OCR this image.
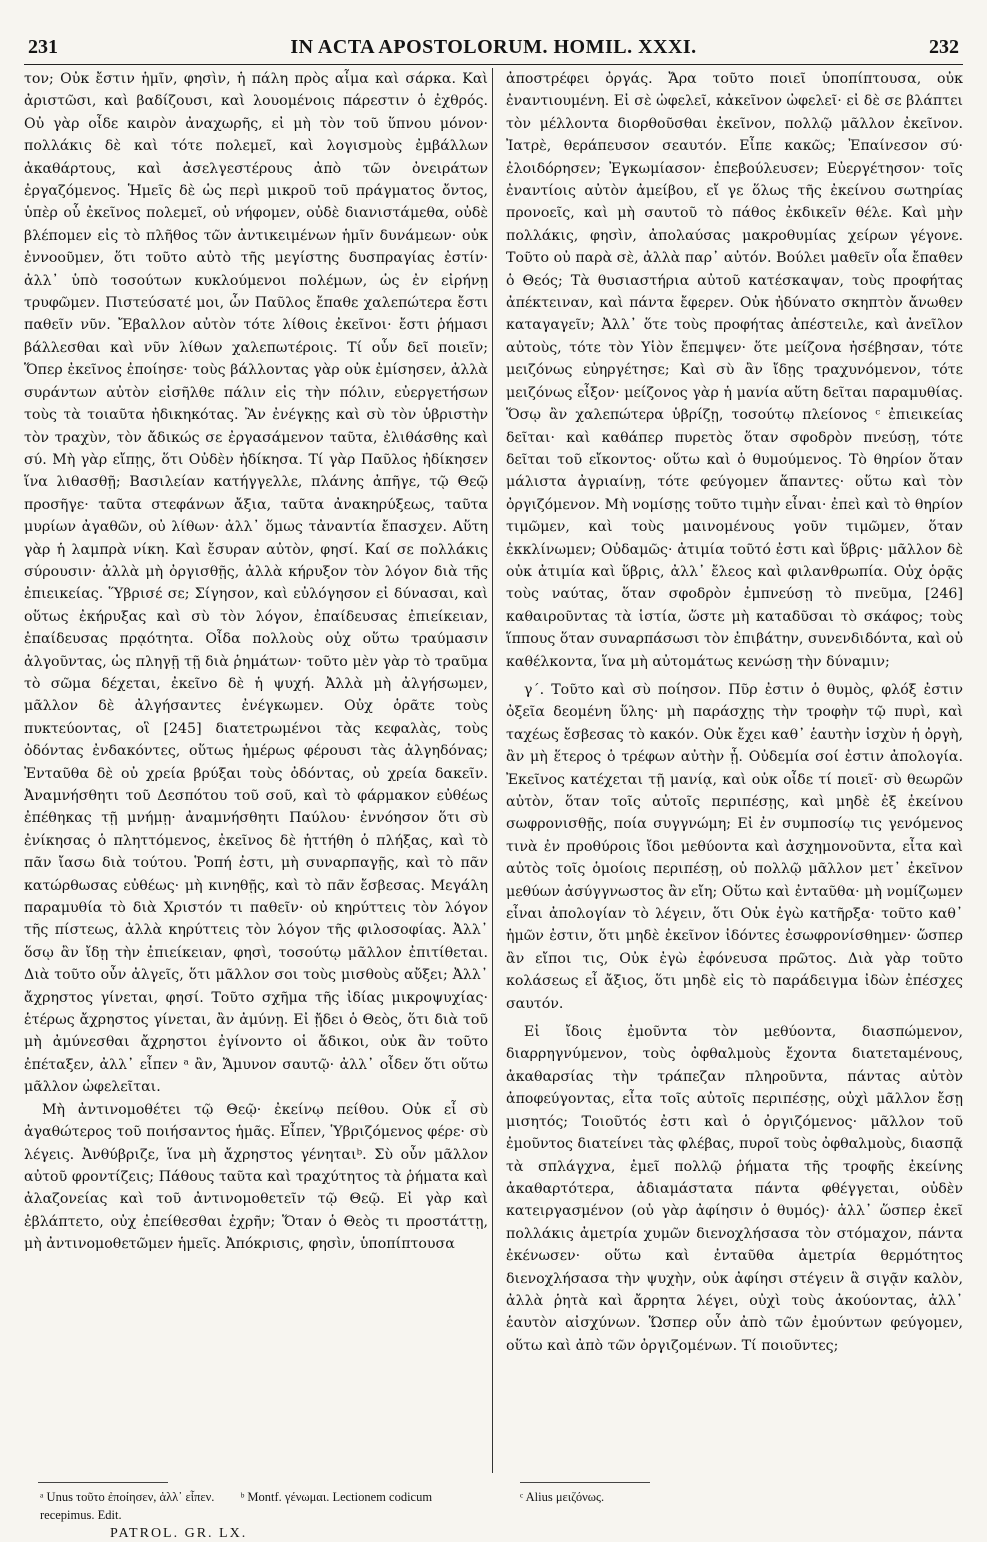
231	IN ACTA APOSTOLORUM. HOMIL. XXXI.	232

τον; Οὐκ ἔστιν ἡμῖν, φησὶν, ἡ πάλη πρὸς αἷμα καὶ σάρκα. Καὶ ἀριστῶσι, καὶ βαδίζουσι, καὶ λουομένοις πάρεστιν ὁ ἐχθρός. Οὐ γὰρ οἶδε καιρὸν ἀναχωρῆς, εἰ μὴ τὸν τοῦ ὕπνου μόνον· πολλάκις δὲ καὶ τότε πολεμεῖ, καὶ λογισμοὺς ἐμβάλλων ἀκαθάρτους, καὶ ἀσελγεστέρους ἀπὸ τῶν ὀνειράτων ἐργαζόμενος. Ἡμεῖς δὲ ὡς περὶ μικροῦ τοῦ πράγματος ὄντος, ὑπὲρ οὗ ἐκεῖνος πολεμεῖ, οὐ νήφομεν, οὐδὲ διανιστάμεθα, οὐδὲ βλέπομεν εἰς τὸ πλῆθος τῶν ἀντικειμένων ἡμῖν δυνάμεων· οὐκ ἐννοοῦμεν, ὅτι τοῦτο αὐτὸ τῆς μεγίστης δυσπραγίας ἐστίν· ἀλλ᾽ ὑπὸ τοσούτων κυκλούμενοι πολέμων, ὡς ἐν εἰρήνῃ τρυφῶμεν. Πιστεύσατέ μοι, ὧν Παῦλος ἔπαθε χαλεπώτερα ἔστι παθεῖν νῦν. Ἔβαλλον αὐτὸν τότε λίθοις ἐκεῖνοι· ἔστι ῥήμασι βάλλεσθαι καὶ νῦν λίθων χαλεπωτέροις. Τί οὖν δεῖ ποιεῖν; Ὅπερ ἐκεῖνος ἐποίησε· τοὺς βάλλοντας γὰρ οὐκ ἐμίσησεν, ἀλλὰ συράντων αὐτὸν εἰσῆλθε πάλιν εἰς τὴν πόλιν, εὐεργετήσων τοὺς τὰ τοιαῦτα ἠδικηκότας. Ἂν ἐνέγκῃς καὶ σὺ τὸν ὑβριστὴν τὸν τραχὺν, τὸν ἄδικώς σε ἐργασάμενον ταῦτα, ἐλιθάσθης καὶ σύ. Μὴ γὰρ εἴπῃς, ὅτι Οὐδὲν ἠδίκησα. Τί γὰρ Παῦλος ἠδίκησεν ἵνα λιθασθῇ; Βασιλείαν κατήγγελλε, πλάνης ἀπῆγε, τῷ Θεῷ προσῆγε· ταῦτα στεφάνων ἄξια, ταῦτα ἀνακηρύξεως, ταῦτα μυρίων ἀγαθῶν, οὐ λίθων· ἀλλ᾽ ὅμως τἀναντία ἔπασχεν. Αὕτη γὰρ ἡ λαμπρὰ νίκη. Καὶ ἔσυραν αὐτὸν, φησί. Καί σε πολλάκις σύρουσιν· ἀλλὰ μὴ ὀργισθῇς, ἀλλὰ κήρυξον τὸν λόγον διὰ τῆς ἐπιεικείας. Ὕβρισέ σε; Σίγησον, καὶ εὐλόγησον εἰ δύνασαι, καὶ οὕτως ἐκήρυξας καὶ σὺ τὸν λόγον, ἐπαίδευσας ἐπιείκειαν, ἐπαίδευσας πρᾳότητα. Οἶδα πολλοὺς οὐχ οὕτω τραύμασιν ἀλγοῦντας, ὡς πληγῇ τῇ διὰ ῥημάτων· τοῦτο μὲν γὰρ τὸ τραῦμα τὸ σῶμα δέχεται, ἐκεῖνο δὲ ἡ ψυχή. Ἀλλὰ μὴ ἀλγήσωμεν, μᾶλλον δὲ ἀλγήσαντες ἐνέγκωμεν. Οὐχ ὁρᾶτε τοὺς πυκτεύοντας, οἳ [245] διατετρωμένοι τὰς κεφαλὰς, τοὺς ὀδόντας ἐνδακόντες, οὕτως ἡμέρως φέρουσι τὰς ἀλγηδόνας; Ἐνταῦθα δὲ οὐ χρεία βρύξαι τοὺς ὀδόντας, οὐ χρεία δακεῖν. Ἀναμνήσθητι τοῦ Δεσπότου τοῦ σοῦ, καὶ τὸ φάρμακον εὐθέως ἐπέθηκας τῇ μνήμῃ· ἀναμνήσθητι Παύλου· ἐννόησον ὅτι σὺ ἐνίκησας ὁ πληττόμενος, ἐκεῖνος δὲ ἡττήθη ὁ πλήξας, καὶ τὸ πᾶν ἴασω διὰ τούτου. Ῥοπή ἐστι, μὴ συναρπαγῇς, καὶ τὸ πᾶν κατώρθωσας εὐθέως· μὴ κινηθῇς, καὶ τὸ πᾶν ἔσβεσας. Μεγάλη παραμυθία τὸ διὰ Χριστόν τι παθεῖν· οὐ κηρύττεις τὸν λόγον τῆς πίστεως, ἀλλὰ κηρύττεις τὸν λόγον τῆς φιλοσοφίας. Ἀλλ᾽ ὅσῳ ἂν ἴδῃ τὴν ἐπιείκειαν, φησὶ, τοσούτῳ μᾶλλον ἐπιτίθεται. Διὰ τοῦτο οὖν ἀλγεῖς, ὅτι μᾶλλον σοι τοὺς μισθοὺς αὔξει; Ἀλλ᾽ ἄχρηστος γίνεται, φησί. Τοῦτο σχῆμα τῆς ἰδίας μικροψυχίας· ἑτέρως ἄχρηστος γίνεται, ἂν ἀμύνῃ. Εἰ ᾔδει ὁ Θεὸς, ὅτι διὰ τοῦ μὴ ἀμύνεσθαι ἄχρηστοι ἐγίνοντο οἱ ἄδικοι, οὐκ ἂν τοῦτο ἐπέταξεν, ἀλλ᾽ εἶπεν ᵃ ἂν, Ἄμυνον σαυτῷ· ἀλλ᾽ οἶδεν ὅτι οὕτω μᾶλλον ὠφελεῖται.

Μὴ ἀντινομοθέτει τῷ Θεῷ· ἐκείνῳ πείθου. Οὐκ εἶ σὺ ἀγαθώτερος τοῦ ποιήσαντος ἡμᾶς. Εἶπεν, Ὑβριζόμενος φέρε· σὺ λέγεις. Ἀνθύβριζε, ἵνα μὴ ἄχρηστος γένηταιᵇ. Σὺ οὖν μᾶλλον αὐτοῦ φροντίζεις; Πάθους ταῦτα καὶ τραχύτητος τὰ ῥήματα καὶ ἀλαζονείας καὶ τοῦ ἀντινομοθετεῖν τῷ Θεῷ. Εἰ γὰρ καὶ ἐβλάπτετο, οὐχ ἐπείθεσθαι ἐχρῆν; Ὅταν ὁ Θεὸς τι προστάττῃ, μὴ ἀντινομοθετῶμεν ἡμεῖς. Ἀπόκρισις, φησὶν, ὑποπίπτουσα

ἀποστρέφει ὀργάς. Ἄρα τοῦτο ποιεῖ ὑποπίπτουσα, οὐκ ἐναντιουμένη. Εἰ σὲ ὠφελεῖ, κἀκεῖνον ὠφελεῖ· εἰ δὲ σε βλάπτει τὸν μέλλοντα διορθοῦσθαι ἐκεῖνον, πολλῷ μᾶλλον ἐκεῖνον. Ἰατρὲ, θεράπευσον σεαυτόν. Εἶπε κακῶς; Ἐπαίνεσον σύ· ἐλοιδόρησεν; Ἐγκωμίασον· ἐπεβούλευσεν; Εὐεργέτησον· τοῖς ἐναντίοις αὐτὸν ἀμείβου, εἴ γε ὅλως τῆς ἐκείνου σωτηρίας προνοεῖς, καὶ μὴ σαυτοῦ τὸ πάθος ἐκδικεῖν θέλε. Καὶ μὴν πολλάκις, φησὶν, ἀπολαύσας μακροθυμίας χείρων γέγονε. Τοῦτο οὐ παρὰ σὲ, ἀλλὰ παρ᾽ αὐτόν. Βούλει μαθεῖν οἷα ἔπαθεν ὁ Θεός; Τὰ θυσιαστήρια αὐτοῦ κατέσκαψαν, τοὺς προφήτας ἀπέκτειναν, καὶ πάντα ἔφερεν. Οὐκ ἠδύνατο σκηπτὸν ἄνωθεν καταγαγεῖν; Ἀλλ᾽ ὅτε τοὺς προφήτας ἀπέστειλε, καὶ ἀνεῖλον αὐτοὺς, τότε τὸν Υἱὸν ἔπεμψεν· ὅτε μείζονα ἠσέβησαν, τότε μειζόνως εὐηργέτησε; Καὶ σὺ ἂν ἴδῃς τραχυνόμενον, τότε μειζόνως εἶξον· μείζονος γὰρ ἡ μανία αὕτη δεῖται παραμυθίας. Ὅσῳ ἂν χαλεπώτερα ὑβρίζῃ, τοσούτῳ πλείονος ᶜ ἐπιεικείας δεῖται· καὶ καθάπερ πυρετὸς ὅταν σφοδρὸν πνεύσῃ, τότε δεῖται τοῦ εἴκοντος· οὕτω καὶ ὁ θυμούμενος. Τὸ θηρίον ὅταν μάλιστα ἀγριαίνῃ, τότε φεύγομεν ἅπαντες· οὕτω καὶ τὸν ὀργιζόμενον. Μὴ νομίσῃς τοῦτο τιμὴν εἶναι· ἐπεὶ καὶ τὸ θηρίον τιμῶμεν, καὶ τοὺς μαινομένους γοῦν τιμῶμεν, ὅταν ἐκκλίνωμεν; Οὐδαμῶς· ἀτιμία τοῦτό ἐστι καὶ ὕβρις· μᾶλλον δὲ οὐκ ἀτιμία καὶ ὕβρις, ἀλλ᾽ ἔλεος καὶ φιλανθρωπία. Οὐχ ὁρᾷς τοὺς ναύτας, ὅταν σφοδρὸν ἐμπνεύσῃ τὸ πνεῦμα, [246] καθαιροῦντας τὰ ἱστία, ὥστε μὴ καταδῦσαι τὸ σκάφος; τοὺς ἵππους ὅταν συναρπάσωσι τὸν ἐπιβάτην, συνενδιδόντα, καὶ οὐ καθέλκοντα, ἵνα μὴ αὐτομάτως κενώσῃ τὴν δύναμιν;

γ΄. Τοῦτο καὶ σὺ ποίησον. Πῦρ ἐστιν ὁ θυμὸς, φλόξ ἐστιν ὀξεῖα δεομένη ὕλης· μὴ παράσχῃς τὴν τροφὴν τῷ πυρὶ, καὶ ταχέως ἔσβεσας τὸ κακόν. Οὐκ ἔχει καθ᾽ ἑαυτὴν ἰσχὺν ἡ ὀργὴ, ἂν μὴ ἕτερος ὁ τρέφων αὐτὴν ᾖ. Οὐδεμία σοί ἐστιν ἀπολογία. Ἐκεῖνος κατέχεται τῇ μανίᾳ, καὶ οὐκ οἶδε τί ποιεῖ· σὺ θεωρῶν αὐτὸν, ὅταν τοῖς αὐτοῖς περιπέσῃς, καὶ μηδὲ ἐξ ἐκείνου σωφρονισθῇς, ποία συγγνώμη; Εἰ ἐν συμποσίῳ τις γενόμενος τινὰ ἐν προθύροις ἴδοι μεθύοντα καὶ ἀσχημονοῦντα, εἶτα καὶ αὐτὸς τοῖς ὁμοίοις περιπέσῃ, οὐ πολλῷ μᾶλλον μετ᾽ ἐκεῖνον μεθύων ἀσύγγνωστος ἂν εἴη; Οὕτω καὶ ἐνταῦθα· μὴ νομίζωμεν εἶναι ἀπολογίαν τὸ λέγειν, ὅτι Οὐκ ἐγὼ κατῆρξα· τοῦτο καθ᾽ ἡμῶν ἐστιν, ὅτι μηδὲ ἐκεῖνον ἰδόντες ἐσωφρονίσθημεν· ὥσπερ ἂν εἴποι τις, Οὐκ ἐγὼ ἐφόνευσα πρῶτος. Διὰ γὰρ τοῦτο κολάσεως εἶ ἄξιος, ὅτι μηδὲ εἰς τὸ παράδειγμα ἰδὼν ἐπέσχες σαυτόν.

Εἰ ἴδοις ἐμοῦντα τὸν μεθύοντα, διασπώμενον, διαρρηγνύμενον, τοὺς ὀφθαλμοὺς ἔχοντα διατεταμένους, ἀκαθαρσίας τὴν τράπεζαν πληροῦντα, πάντας αὐτὸν ἀποφεύγοντας, εἶτα τοῖς αὐτοῖς περιπέσῃς, οὐχὶ μᾶλλον ἔσῃ μισητός; Τοιοῦτός ἐστι καὶ ὁ ὀργιζόμενος· μᾶλλον τοῦ ἐμοῦντος διατείνει τὰς φλέβας, πυροῖ τοὺς ὀφθαλμοὺς, διασπᾷ τὰ σπλάγχνα, ἐμεῖ πολλῷ ῥήματα τῆς τροφῆς ἐκείνης ἀκαθαρτότερα, ἀδιαμάστατα πάντα φθέγγεται, οὐδὲν κατειργασμένον (οὐ γὰρ ἀφίησιν ὁ θυμός)· ἀλλ᾽ ὥσπερ ἐκεῖ πολλάκις ἀμετρία χυμῶν διενοχλήσασα τὸν στόμαχον, πάντα ἐκένωσεν· οὕτω καὶ ἐνταῦθα ἀμετρία θερμότητος διενοχλήσασα τὴν ψυχὴν, οὐκ ἀφίησι στέγειν ἃ σιγᾷν καλὸν, ἀλλὰ ῥητὰ καὶ ἄρρητα λέγει, οὐχὶ τοὺς ἀκούοντας, ἀλλ᾽ ἑαυτὸν αἰσχύνων. Ὥσπερ οὖν ἀπὸ τῶν ἐμούντων φεύγομεν, οὕτω καὶ ἀπὸ τῶν ὀργιζομένων. Τί ποιοῦντες;

ᵃ Unus τοῦτο ἐποίησεν, ἀλλ᾽ εἶπεν. ᵇ Montf. γένωμαι. Lectionem codicum recepimus. Edit.
ᶜ Alius μειζόνως.
PATROL. GR. LX.
